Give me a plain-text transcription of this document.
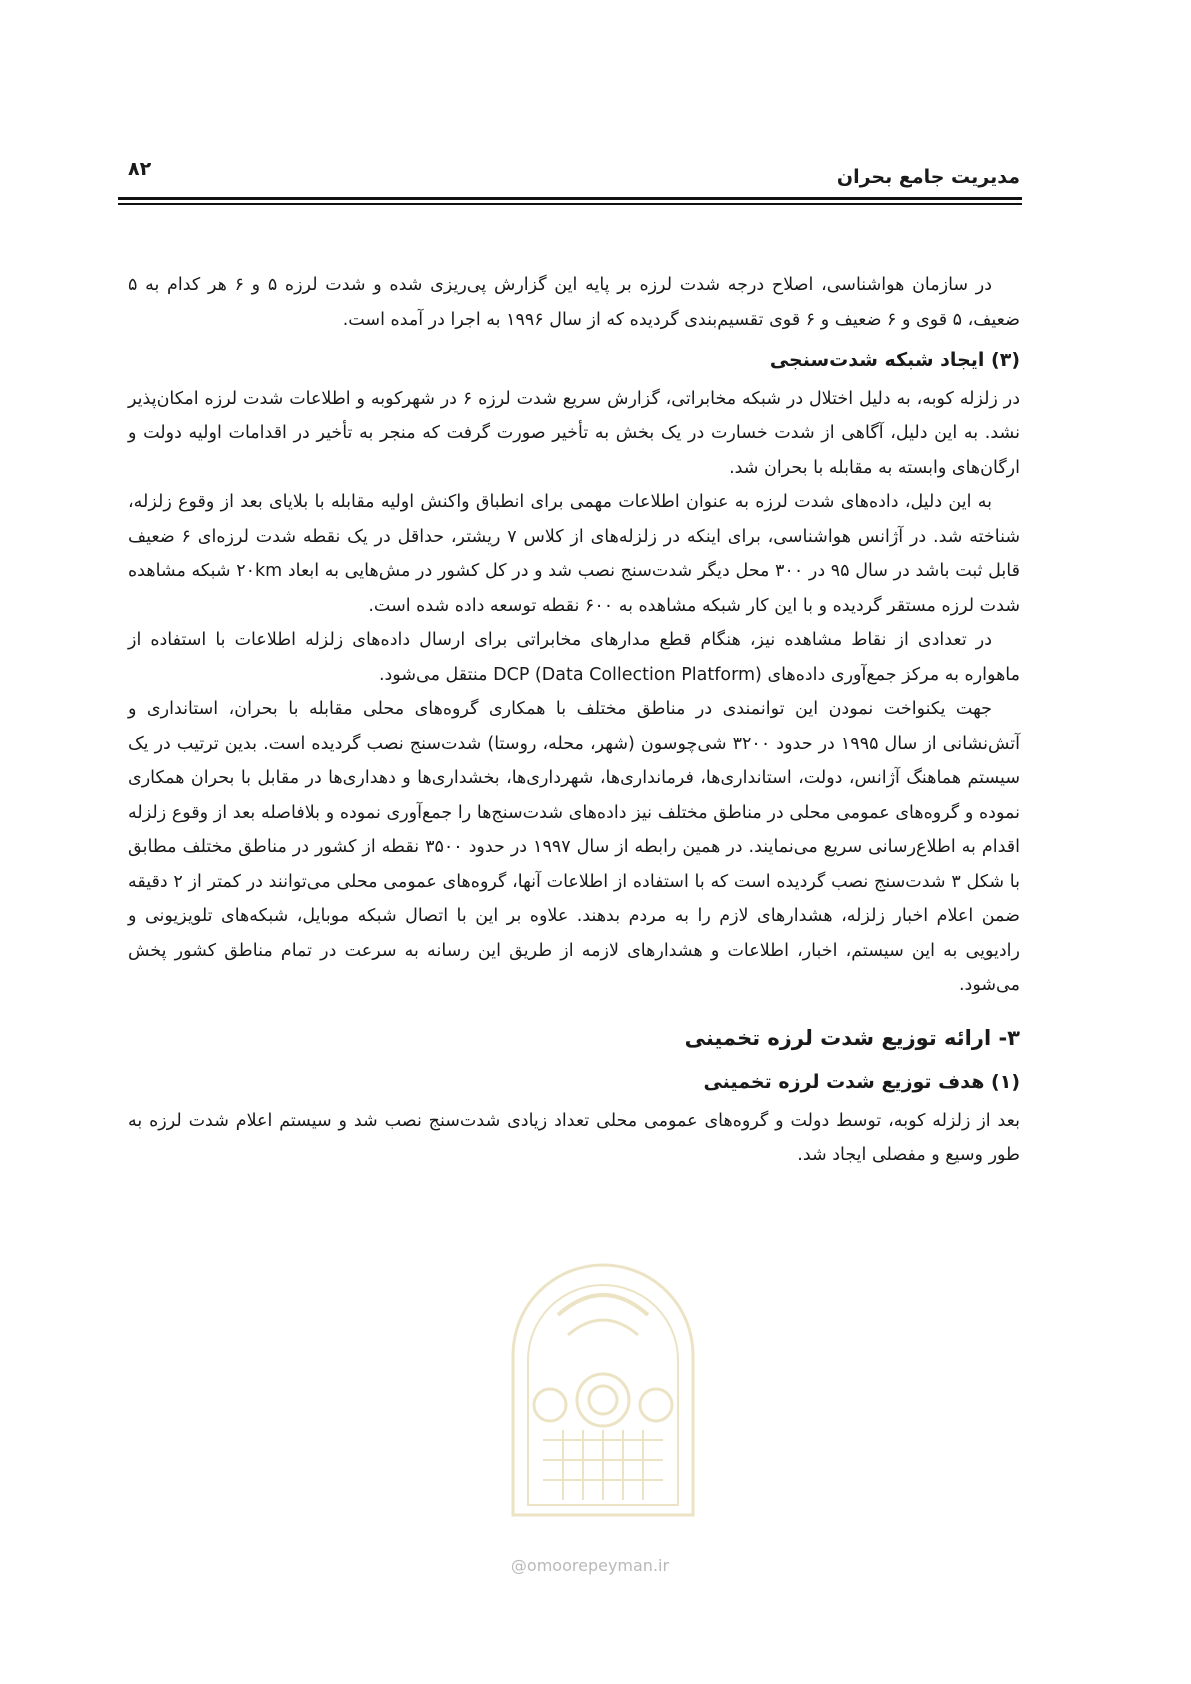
۸۲	مدیریت جامع بحران

در سازمان هواشناسی، اصلاح درجه شدت لرزه بر پایه این گزارش پی‌ریزی شده و شدت لرزه ۵ و ۶ هر کدام به ۵ ضعیف، ۵ قوی و ۶ ضعیف و ۶ قوی تقسیم‌بندی گردیده که از سال ۱۹۹۶ به اجرا در آمده است.

(۳) ایجاد شبکه شدت‌سنجی

در زلزله کوبه، به دلیل اختلال در شبکه مخابراتی، گزارش سریع شدت لرزه ۶ در شهرکوبه و اطلاعات شدت لرزه امکان‌پذیر نشد. به این دلیل، آگاهی از شدت خسارت در یک بخش به تأخیر صورت گرفت که منجر به تأخیر در اقدامات اولیه دولت و ارگان‌های وابسته به مقابله با بحران شد.

به این دلیل، داده‌های شدت لرزه به عنوان اطلاعات مهمی برای انطباق واکنش اولیه مقابله با بلایای بعد از وقوع زلزله، شناخته شد. در آژانس هواشناسی، برای اینکه در زلزله‌های از کلاس ۷ ریشتر، حداقل در یک نقطه شدت لرزه‌ای ۶ ضعیف قابل ثبت باشد در سال ۹۵ در ۳۰۰ محل دیگر شدت‌سنج نصب شد و در کل کشور در مش‌هایی به ابعاد ۲۰km شبکه مشاهده شدت لرزه مستقر گردیده و با این کار شبکه مشاهده به ۶۰۰ نقطه توسعه داده شده است.

در تعدادی از نقاط مشاهده نیز، هنگام قطع مدارهای مخابراتی برای ارسال داده‌های زلزله اطلاعات با استفاده از ماهواره به مرکز جمع‌آوری داده‌های DCP (Data Collection Platform) منتقل می‌شود.

جهت یکنواخت نمودن این توانمندی در مناطق مختلف با همکاری گروه‌های محلی مقابله با بحران، استانداری و آتش‌نشانی از سال ۱۹۹۵ در حدود ۳۲۰۰ شی‌چوسون (شهر، محله، روستا) شدت‌سنج نصب گردیده است. بدین ترتیب در یک سیستم هماهنگ آژانس، دولت، استانداری‌ها، فرمانداری‌ها، شهرداری‌ها، بخشداری‌ها و دهداری‌ها در مقابل با بحران همکاری نموده و گروه‌های عمومی محلی در مناطق مختلف نیز داده‌های شدت‌سنج‌ها را جمع‌آوری نموده و بلافاصله بعد از وقوع زلزله اقدام به اطلاع‌رسانی سریع می‌نمایند. در همین رابطه از سال ۱۹۹۷ در حدود ۳۵۰۰ نقطه از کشور در مناطق مختلف مطابق با شکل ۳ شدت‌سنج نصب گردیده است که با استفاده از اطلاعات آنها، گروه‌های عمومی محلی می‌توانند در کمتر از ۲ دقیقه ضمن اعلام اخبار زلزله، هشدارهای لازم را به مردم بدهند. علاوه بر این با اتصال شبکه موبایل، شبکه‌های تلویزیونی و رادیویی به این سیستم، اخبار، اطلاعات و هشدارهای لازمه از طریق این رسانه به سرعت در تمام مناطق کشور پخش می‌شود.

۳- ارائه توزیع شدت لرزه تخمینی
(۱) هدف توزیع شدت لرزه تخمینی

بعد از زلزله کوبه، توسط دولت و گروه‌های عمومی محلی تعداد زیادی شدت‌سنج نصب شد و سیستم اعلام شدت لرزه به طور وسیع و مفصلی ایجاد شد.

@omoorepeyman.ir
